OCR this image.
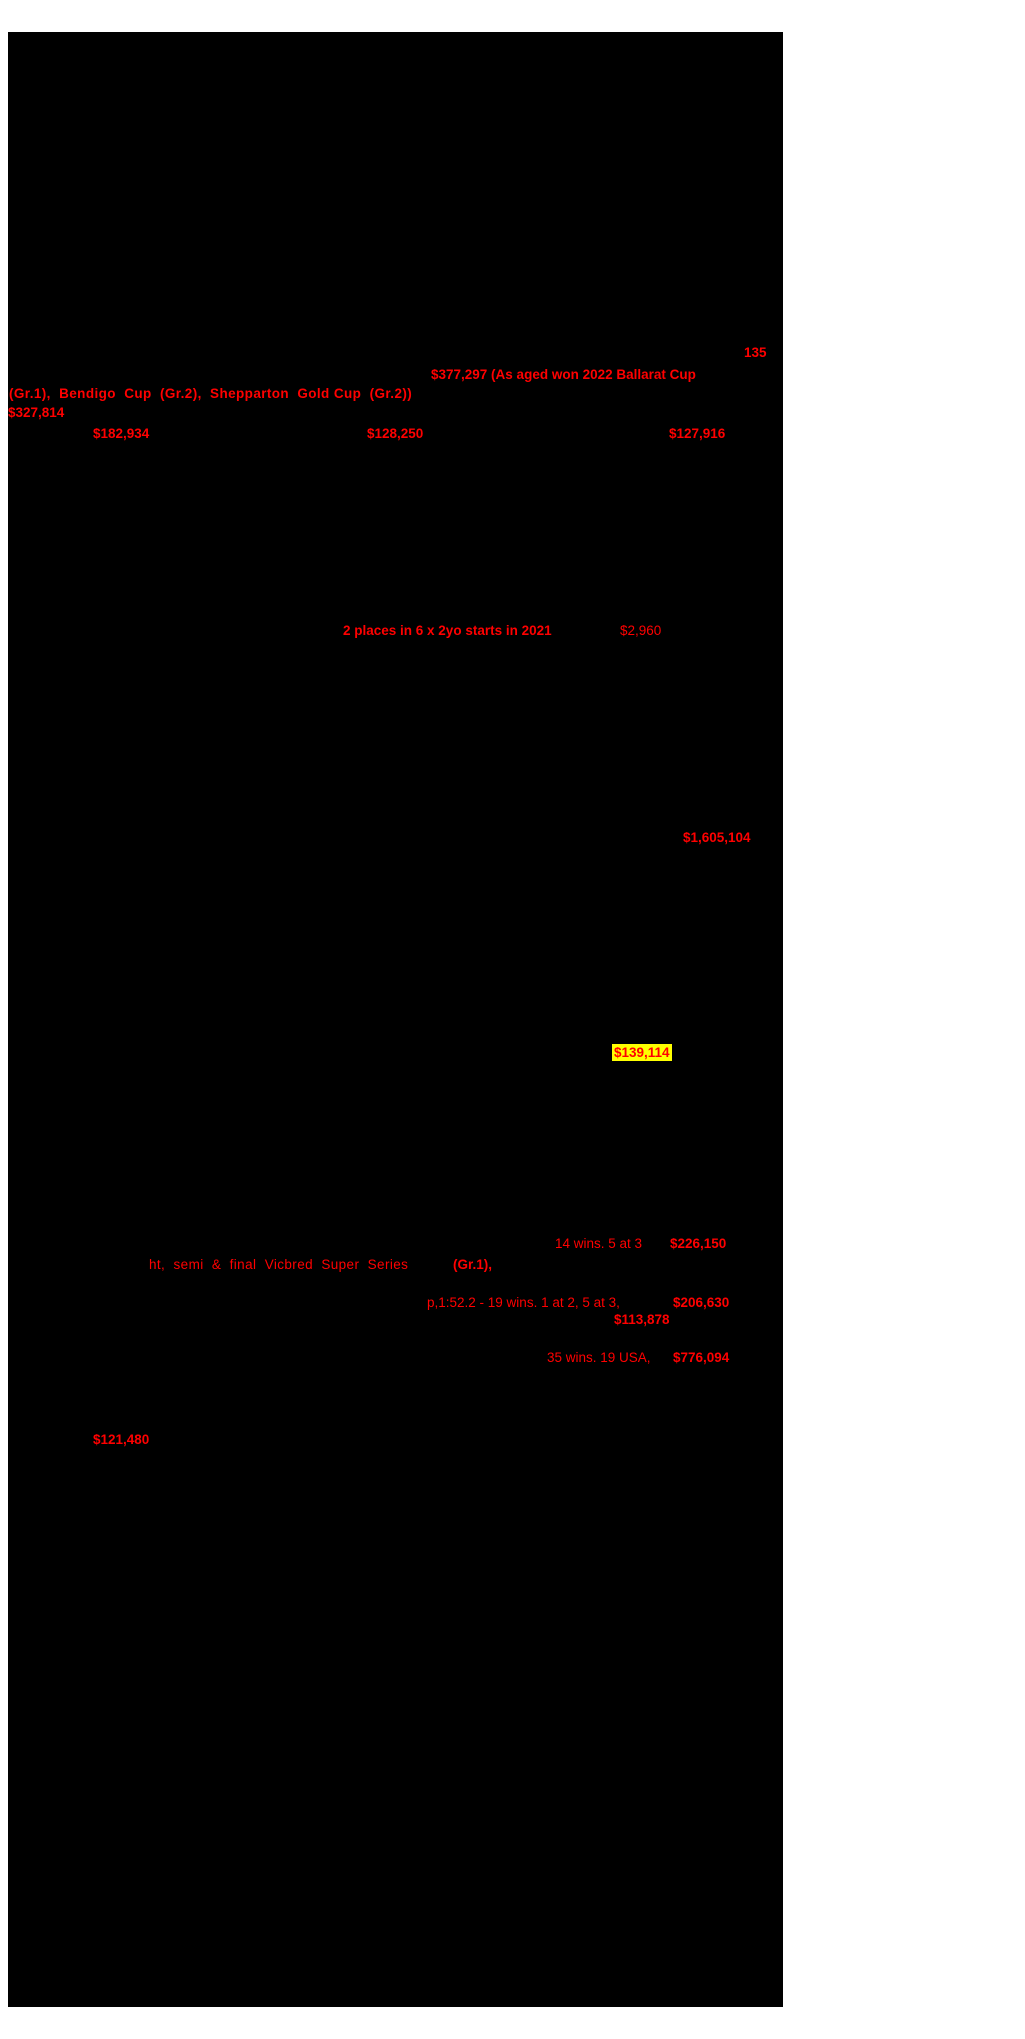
135
$377,297 (As aged won 2022 Ballarat Cup
(Gr.1),  Bendigo  Cup  (Gr.2),  Shepparton  Gold Cup  (Gr.2))
$327,814
$182,934	$128,250	$127,916
2 places in 6 x 2yo starts in 2021	$2,960
$1,605,104
$139,114
14 wins. 5 at 3 $226,150
ht,  semi  &  final  Vicbred  Super  Series	(Gr.1),
p,1:52.2 - 19 wins. 1 at 2, 5 at 3,	$206,630
$113,878
35 wins. 19 USA, $776,094
$121,480
